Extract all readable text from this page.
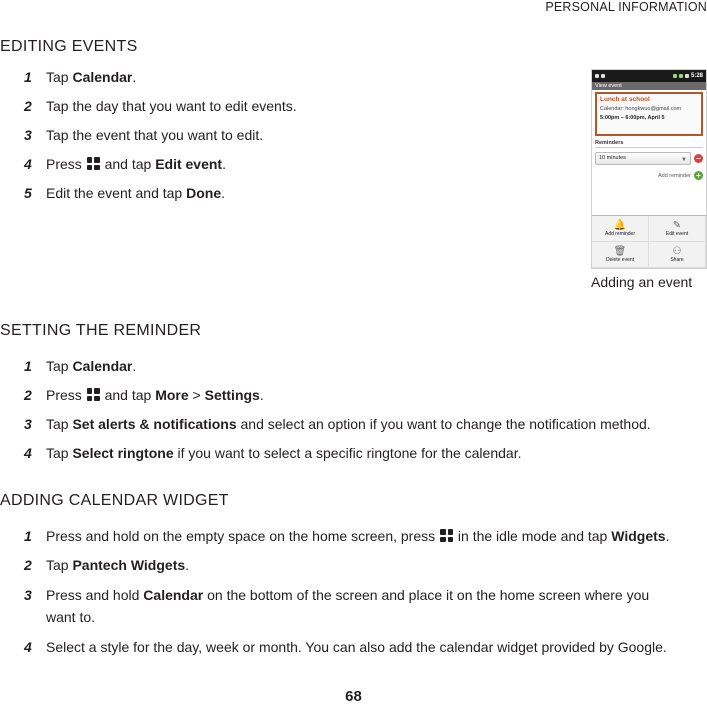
PERSONAL INFORMATION
EDITING EVENTS
1	Tap Calendar.
2	Tap the day that you want to edit events.
3	Tap the event that you want to edit.
4	Press
and tap Edit event.
5	Edit the event and tap Done.
5:28
View event
Lunch at school
Calendar: hongkwuo@gmail.com
5:00pm – 6:00pm, April 5
Reminders
10 minutes	▼ −
Add reminder +
🔔
Add reminder
✎
Edit event
🗑
Delete event
⚇
Share
Adding an event
SETTING THE REMINDER
1	Tap Calendar.
2	Press
and tap More > Settings.
3	Tap Set alerts & notifications and select an option if you want to change the notification method.
4	Tap Select ringtone if you want to select a specific ringtone for the calendar.
ADDING CALENDAR WIDGET
1	Press and hold on the empty space on the home screen, press
in the idle mode and tap Widgets.
2	Tap Pantech Widgets.
3	Press and hold Calendar on the bottom of the screen and place it on the home screen where you
want to.
4	Select a style for the day, week or month. You can also add the calendar widget provided by Google.
68
